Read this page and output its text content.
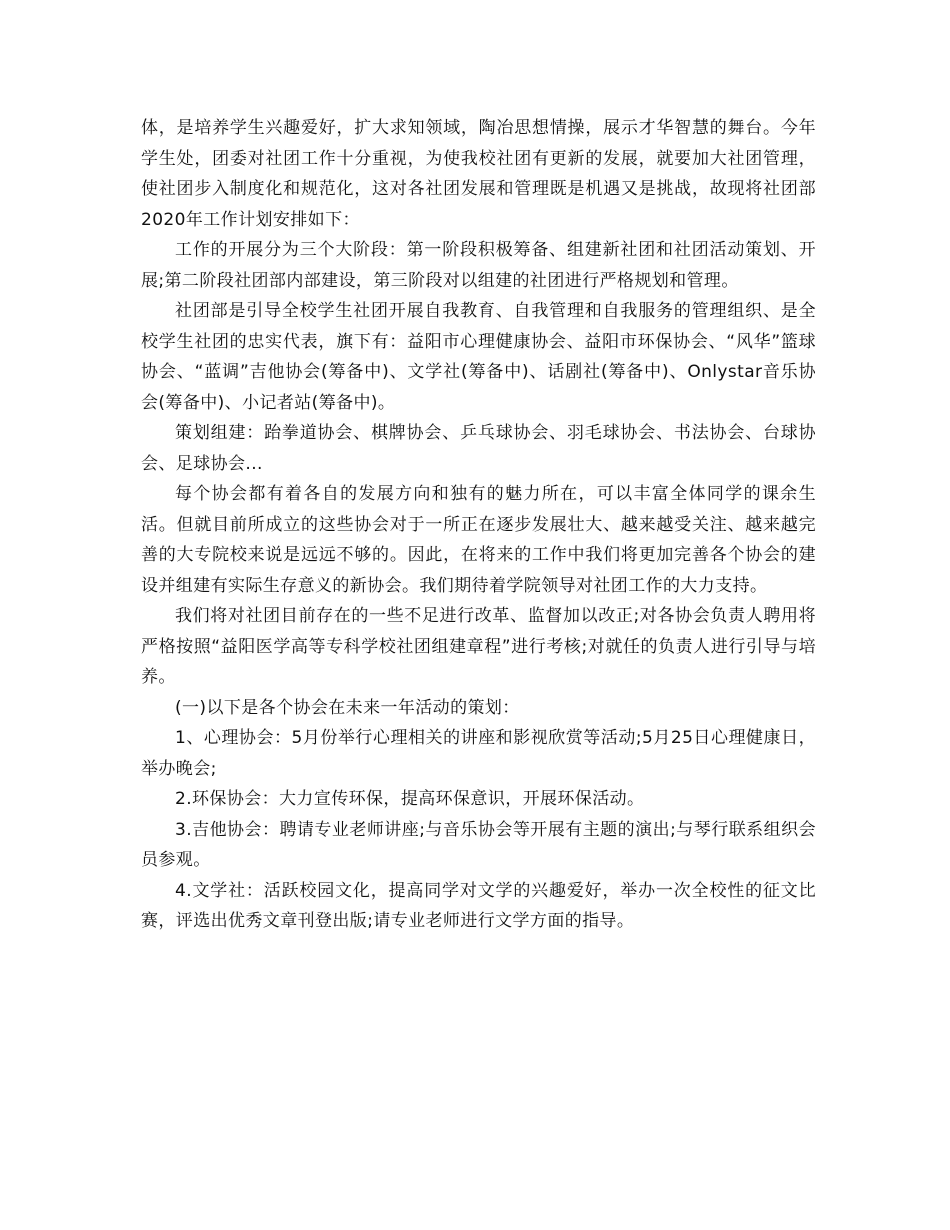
体，是培养学生兴趣爱好，扩大求知领域，陶冶思想情操，展示才华智慧的舞台。今年学生处，团委对社团工作十分重视，为使我校社团有更新的发展，就要加大社团管理，使社团步入制度化和规范化，这对各社团发展和管理既是机遇又是挑战，故现将社团部2020年工作计划安排如下：

工作的开展分为三个大阶段：第一阶段积极筹备、组建新社团和社团活动策划、开展;第二阶段社团部内部建设，第三阶段对以组建的社团进行严格规划和管理。

社团部是引导全校学生社团开展自我教育、自我管理和自我服务的管理组织、是全校学生社团的忠实代表，旗下有：益阳市心理健康协会、益阳市环保协会、“风华”篮球协会、“蓝调”吉他协会(筹备中)、文学社(筹备中)、话剧社(筹备中)、Onlystar音乐协会(筹备中)、小记者站(筹备中)。

策划组建：跆拳道协会、棋牌协会、乒乓球协会、羽毛球协会、书法协会、台球协会、足球协会...

每个协会都有着各自的发展方向和独有的魅力所在，可以丰富全体同学的课余生活。但就目前所成立的这些协会对于一所正在逐步发展壮大、越来越受关注、越来越完善的大专院校来说是远远不够的。因此，在将来的工作中我们将更加完善各个协会的建设并组建有实际生存意义的新协会。我们期待着学院领导对社团工作的大力支持。

我们将对社团目前存在的一些不足进行改革、监督加以改正;对各协会负责人聘用将严格按照“益阳医学高等专科学校社团组建章程”进行考核;对就任的负责人进行引导与培养。

(一)以下是各个协会在未来一年活动的策划：

1、心理协会：5月份举行心理相关的讲座和影视欣赏等活动;5月25日心理健康日，举办晚会;

2.环保协会：大力宣传环保，提高环保意识，开展环保活动。

3.吉他协会：聘请专业老师讲座;与音乐协会等开展有主题的演出;与琴行联系组织会员参观。

4.文学社：活跃校园文化，提高同学对文学的兴趣爱好，举办一次全校性的征文比赛，评选出优秀文章刊登出版;请专业老师进行文学方面的指导。
